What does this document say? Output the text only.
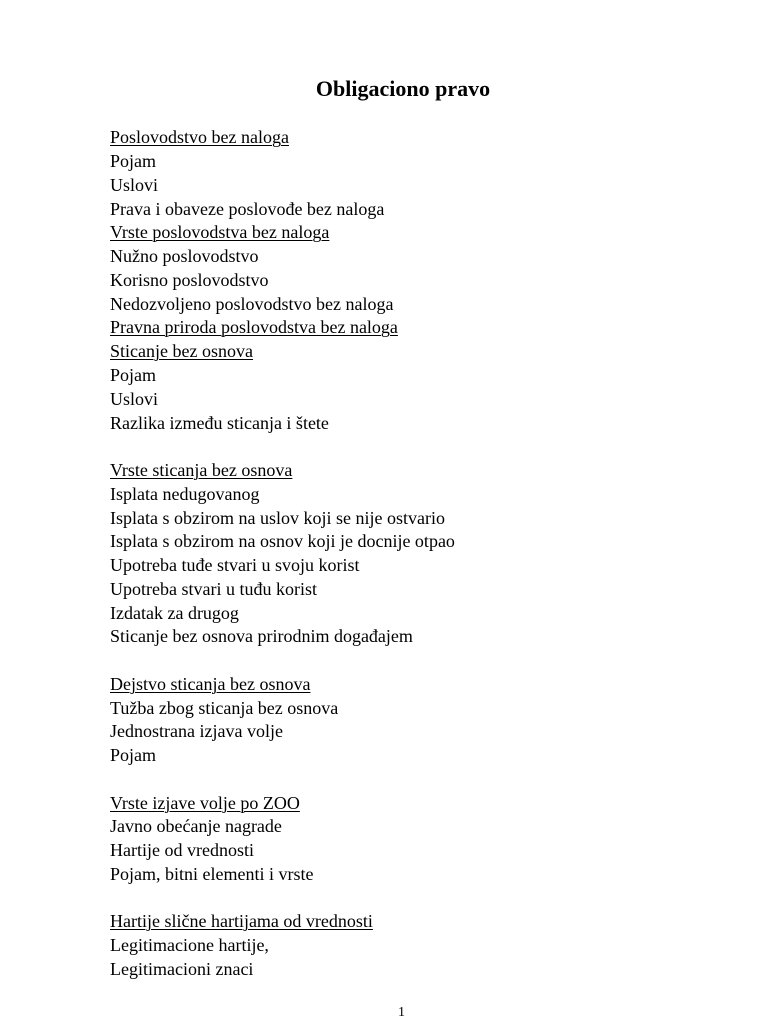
Obligaciono pravo
Poslovodstvo bez naloga
Pojam
Uslovi
Prava i obaveze poslovođe bez naloga
Vrste poslovodstva bez naloga
Nužno poslovodstvo
Korisno poslovodstvo
Nedozvoljeno poslovodstvo bez naloga
Pravna priroda poslovodstva bez naloga
Sticanje bez osnova
Pojam
Uslovi
Razlika između sticanja i štete
Vrste sticanja bez osnova
Isplata nedugovanog
Isplata s obzirom na uslov koji se nije ostvario
Isplata s obzirom na osnov koji je docnije otpao
Upotreba tuđe stvari u svoju korist
Upotreba stvari u tuđu korist
Izdatak za drugog
Sticanje bez osnova prirodnim događajem
Dejstvo sticanja bez osnova
Tužba zbog sticanja bez osnova
Jednostrana izjava volje
Pojam
Vrste izjave volje po ZOO
Javno obećanje nagrade
Hartije od vrednosti
Pojam, bitni elementi i vrste
Hartije slične hartijama od vrednosti
Legitimacione hartije,
Legitimacioni znaci
1
